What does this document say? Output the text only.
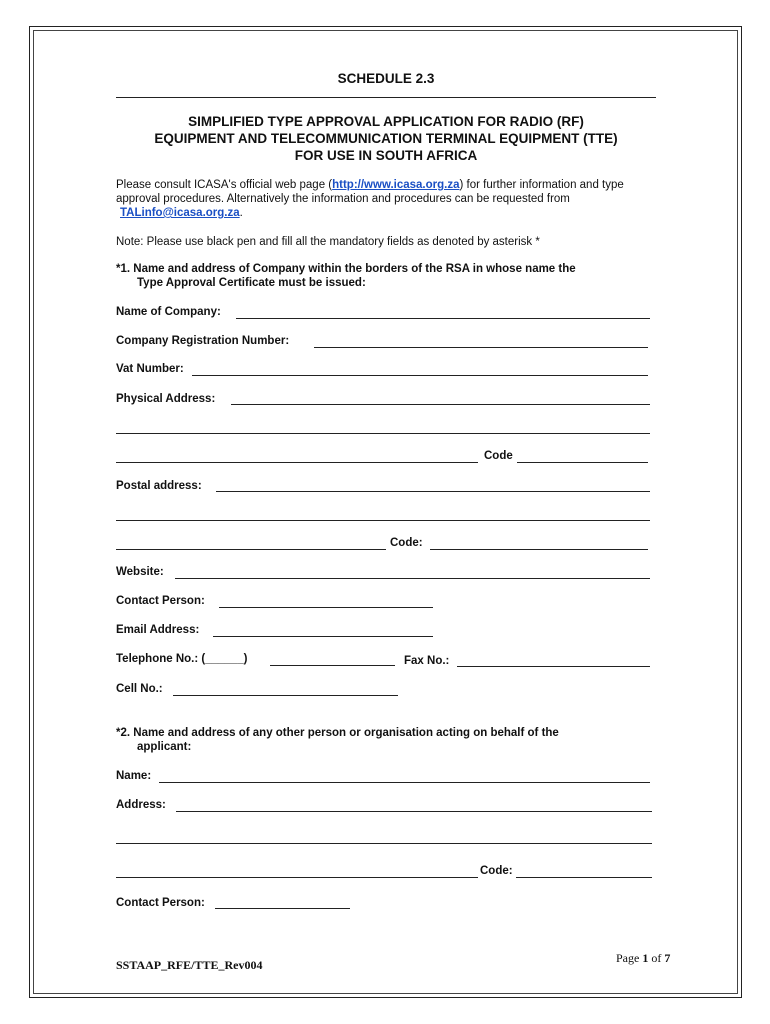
SCHEDULE 2.3
SIMPLIFIED TYPE APPROVAL APPLICATION FOR RADIO (RF)
EQUIPMENT AND TELECOMMUNICATION TERMINAL EQUIPMENT (TTE)
FOR USE IN SOUTH AFRICA
Please consult ICASA's official web page (http://www.icasa.org.za) for further information and type approval procedures. Alternatively the information and procedures can be requested from TALinfo@icasa.org.za.
Note: Please use black pen and fill all the mandatory fields as denoted by asterisk *
*1. Name and address of Company within the borders of the RSA in whose name the
Type Approval Certificate must be issued:
Name of Company:
Company Registration Number:
Vat Number:
Physical Address:
Code
Postal address:
Code:
Website:
Contact Person:
Email Address:
Telephone No.: (______)	Fax No.:
Cell No.:
*2. Name and address of any other person or organisation acting on behalf of the
applicant:
Name:
Address:
Code:
Contact Person:
SSTAAP_RFE/TTE_Rev004	Page 1 of 7
